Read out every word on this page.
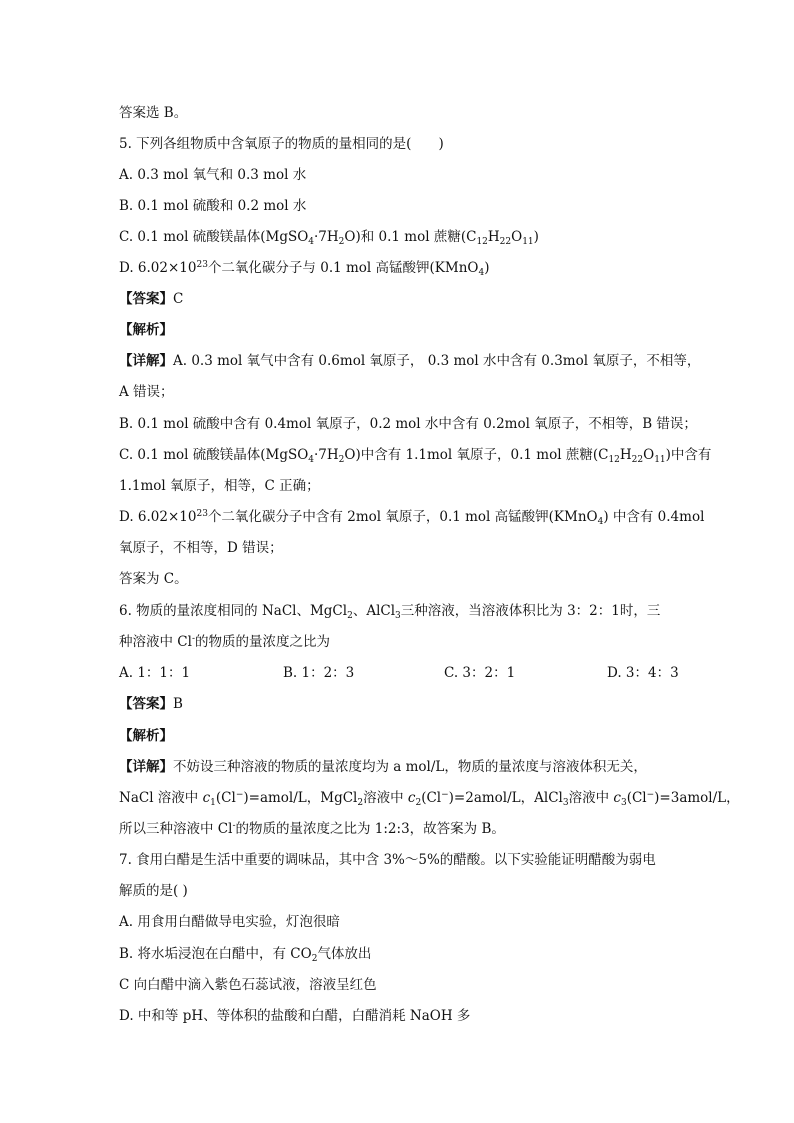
答案选 B。
5. 下列各组物质中含氧原子的物质的量相同的是(　　)
A. 0.3 mol 氧气和 0.3 mol 水
B. 0.1 mol 硫酸和 0.2 mol 水
C. 0.1 mol 硫酸镁晶体$(MgSO_4\cdot 7H_2O)$和 0.1 mol 蔗糖$(C_{12}H_{22}O_{11})$
D. $6.02\times 10^{23}$个二氧化碳分子与 0.1 mol 高锰酸钾(KMnO$_4$)
【答案】C
【解析】
【详解】A. 0.3 mol 氧气中含有 0.6mol 氧原子， 0.3 mol 水中含有 0.3mol 氧原子，不相等，
A 错误；
B. 0.1 mol 硫酸中含有 0.4mol 氧原子，0.2 mol 水中含有 0.2mol 氧原子，不相等，B 错误；
C. 0.1 mol 硫酸镁晶体$(MgSO_4\cdot 7H_2O)$中含有 1.1mol 氧原子，0.1 mol 蔗糖$(C_{12}H_{22}O_{11})$中含有
1.1mol 氧原子，相等，C 正确；
D. $6.02\times 10^{23}$个二氧化碳分子中含有 2mol 氧原子，0.1 mol 高锰酸钾(KMnO$_4$) 中含有 0.4mol
氧原子，不相等，D 错误；
答案为 C。
6. 物质的量浓度相同的 NaCl、MgCl$_2$、AlCl$_3$三种溶液，当溶液体积比为 3：2：1时，三
种溶液中 Cl-的物质的量浓度之比为
A. 1：1：1	B. 1：2：3	C. 3：2：1	D. 3：4：3
【答案】B
【解析】
【详解】不妨设三种溶液的物质的量浓度均为 a mol/L，物质的量浓度与溶液体积无关，
NaCl 溶液中 $c_1(Cl^-)=amol/L$，MgCl$_2$溶液中 $c_2(Cl^-)=2amol/L$，AlCl$_3$溶液中 $c_3(Cl^-)=3amol/L$，
所以三种溶液中 Cl-的物质的量浓度之比为 1:2:3，故答案为 B。
7. 食用白醋是生活中重要的调味品，其中含 3%～5%的醋酸。以下实验能证明醋酸为弱电
解质的是( )
A. 用食用白醋做导电实验，灯泡很暗
B. 将水垢浸泡在白醋中，有 $CO_2$气体放出
C 向白醋中滴入紫色石蕊试液，溶液呈红色
D. 中和等 pH、等体积的盐酸和白醋，白醋消耗 NaOH 多
